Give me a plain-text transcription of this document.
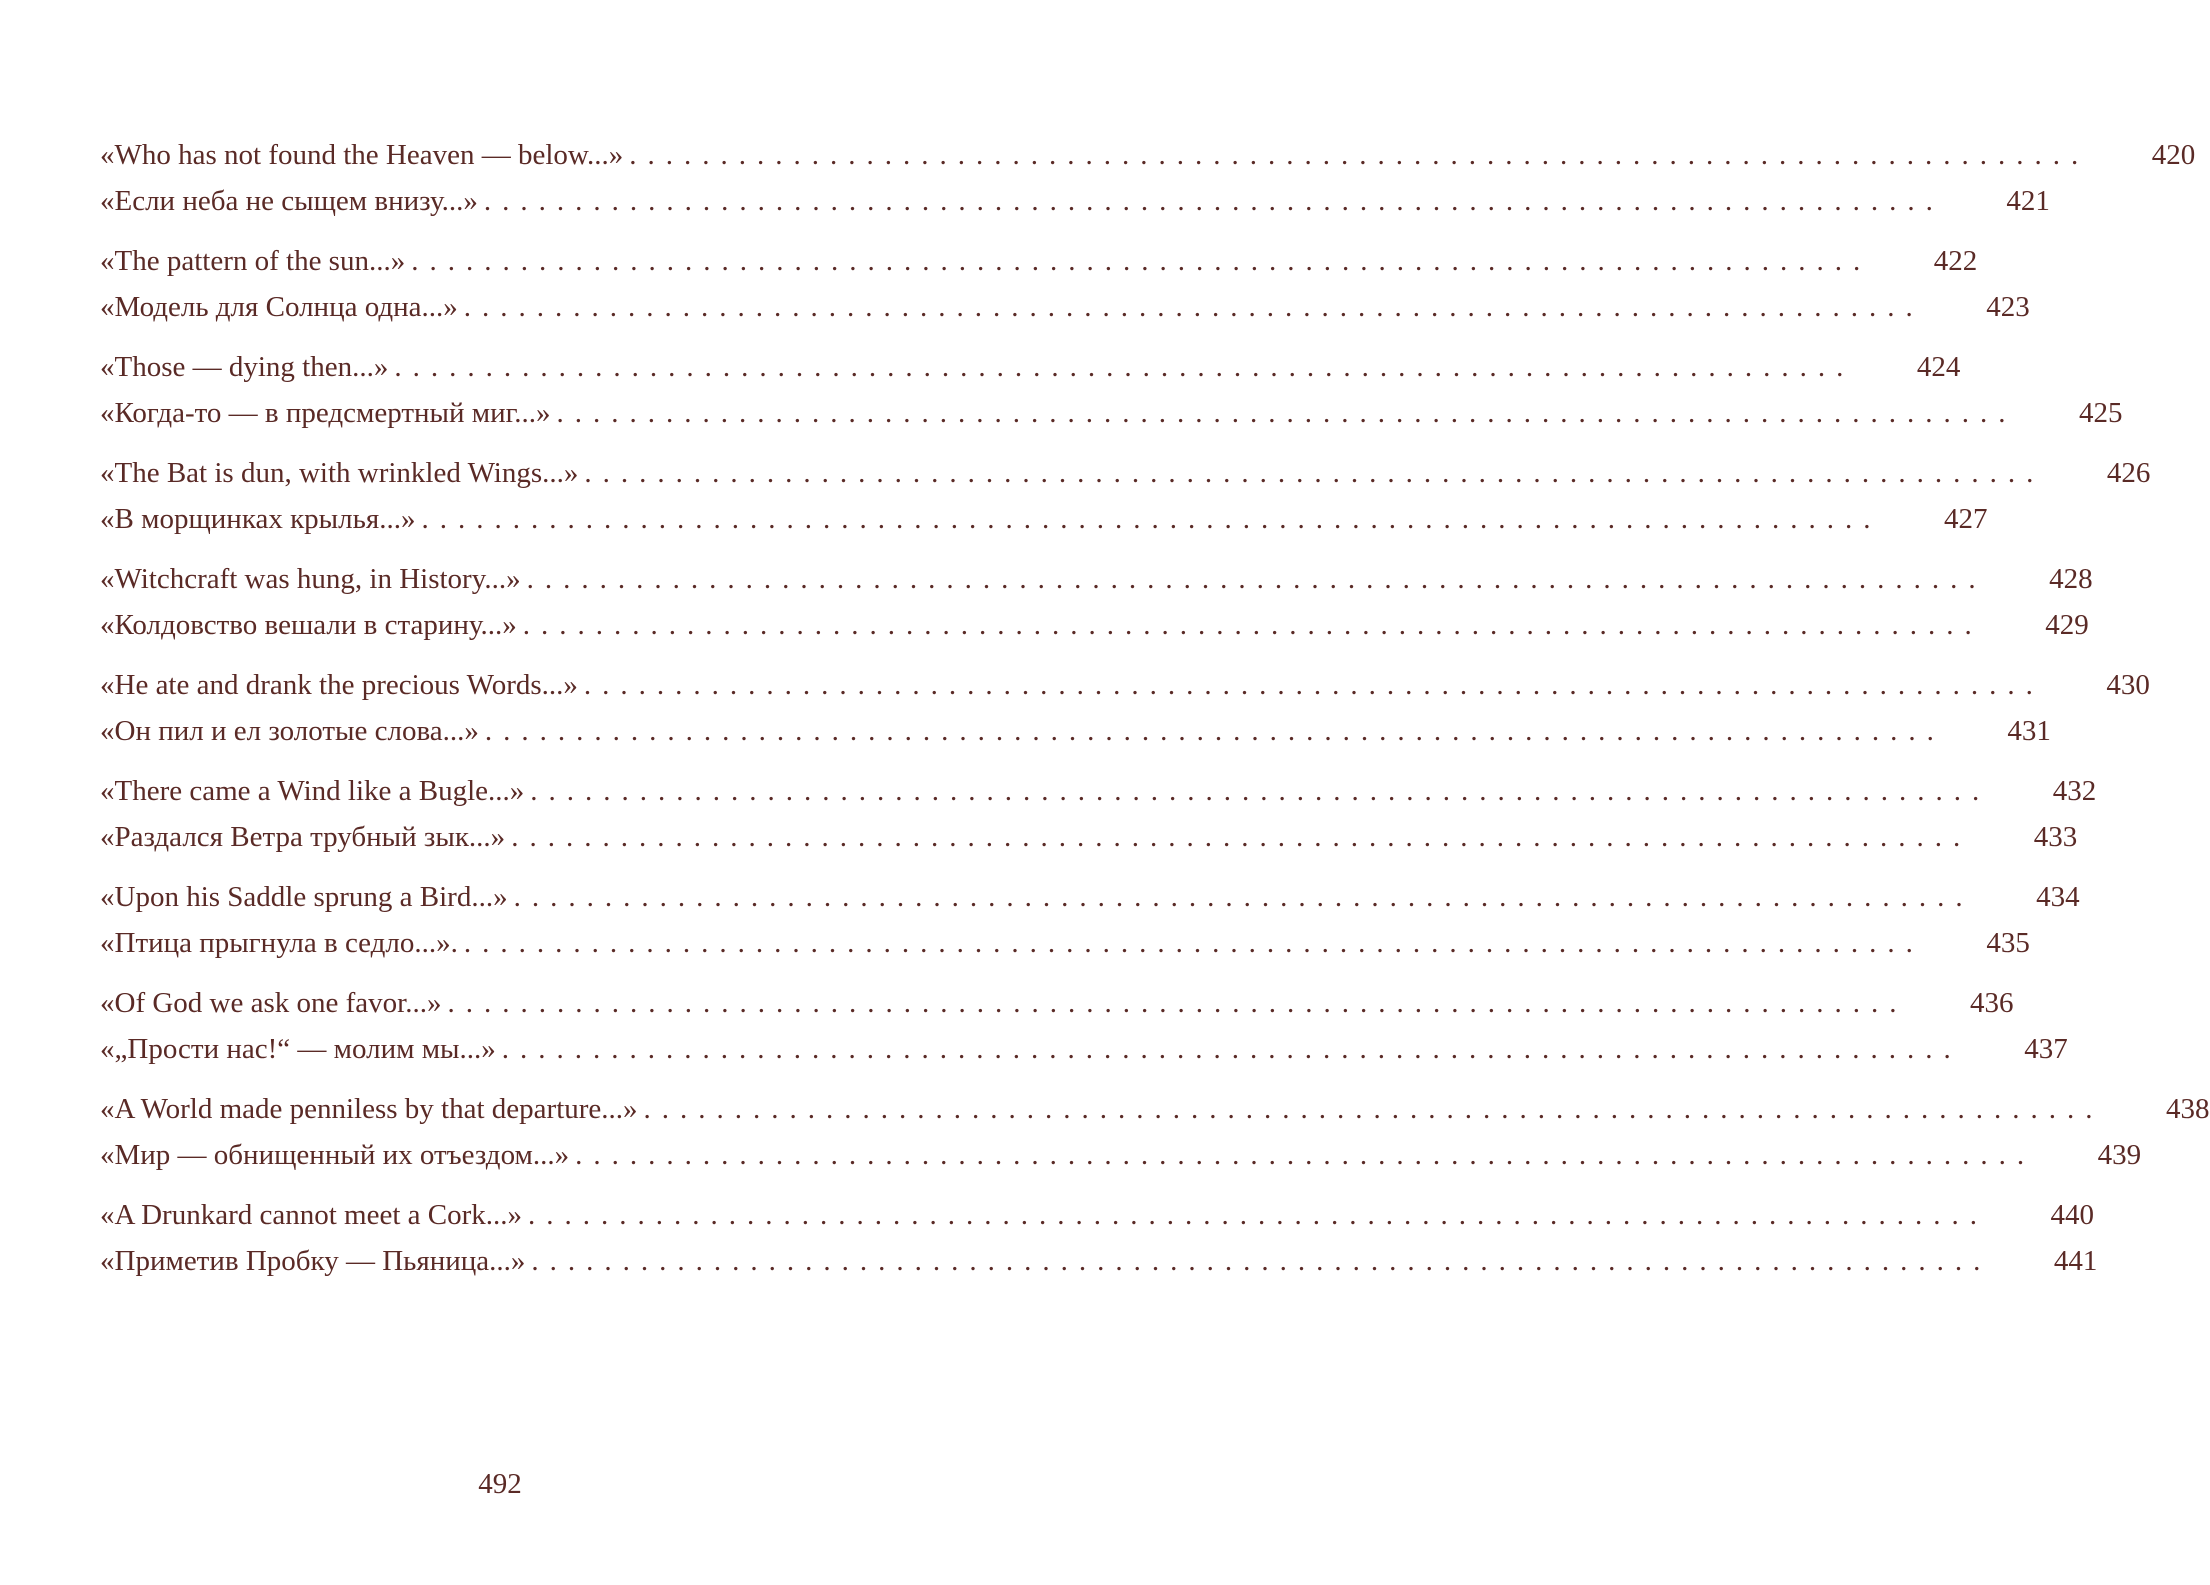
«Who has not found the Heaven — below...» ................................................................................ 420
«Если неба не сыщем внизу...» ................................................................................ 421
«The pattern of the sun...» ................................................................................ 422
«Модель для Солнца одна...» ................................................................................ 423
«Those — dying then...» ................................................................................ 424
«Когда-то — в предсмертный миг...» ................................................................................ 425
«The Bat is dun, with wrinkled Wings...» ................................................................................ 426
«В морщинках крылья...» ................................................................................ 427
«Witchcraft was hung, in History...» ................................................................................ 428
«Колдовство вешали в старину...» ................................................................................ 429
«He ate and drank the precious Words...» ................................................................................ 430
«Он пил и ел золотые слова...» ................................................................................ 431
«There came a Wind like a Bugle...» ................................................................................ 432
«Раздался Ветра трубный зык...» ................................................................................ 433
«Upon his Saddle sprung a Bird...» ................................................................................ 434
«Птица прыгнула в седло...». ................................................................................ 435
«Of God we ask one favor...» ................................................................................ 436
«„Прости нас!“ — молим мы...» ................................................................................ 437
«A World made penniless by that departure...» ................................................................................ 438
«Мир — обнищенный их отъездом...» ................................................................................ 439
«A Drunkard cannot meet a Cork...» ................................................................................ 440
«Приметив Пробку — Пьяница...» ................................................................................ 441
492
